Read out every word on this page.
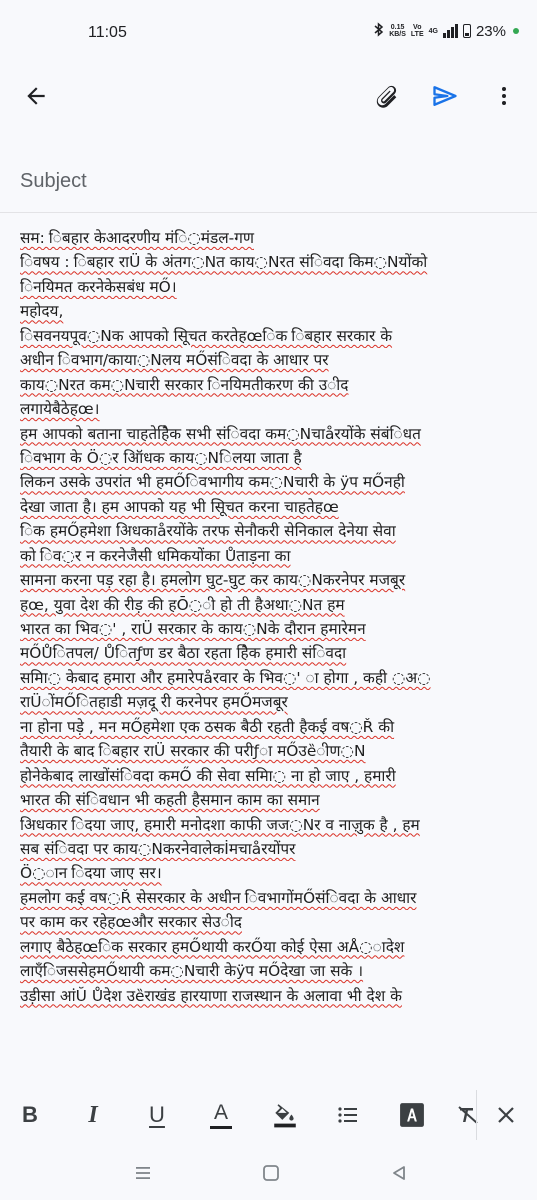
11:05	0.15
KB/S
Vo
LTE 4G	23%
Subject
सम: िबहार केआदरणीय मंि◌मंडल-गण
िवषय : िबहार राÜ के अंतग◌Nत काय◌Nरत संिवदा किम◌Nयोंको
िनयिमत करनेकेसबंध मŐ।
महोदय,
िसवनयपूव◌Nक आपको सूिचत करतेहœिक िबहार सरकार के
अधीन िवभाग/काया◌Nलय मŐसंिवदा के आधार पर
काय◌Nरत कम◌Nचारी सरकार िनयिमतीकरण की उ◌ीद
लगायेबैठेहœ।
हम आपको बताना चाहतेहैिक सभी संिवदा कम◌Nचाåरयोंके संबंिधत
िवभाग के Ö◌र ऑिधक काय◌Nिलया जाता है
लिकन उसके उपरांत भी हमŐिवभागीय कम◌Nचारी के ÿप मŐनही
देखा जाता है। हम आपको यह भी सूिचत करना चाहतेहœ
िक हमŐहमेशा अिधकाåरयोंके तरफ सेनौकरी सेनिकाल देनेया सेवा
को िव◌र न करनेजैसी धमिकयोंका Ůताड़ना का
सामना करना पड़ रहा है। हमलोग घुट-घुट कर काय◌Nकरनेपर मजबूर
हœ, युवा देश की रीड़ की हŌ◌ी हाे ती हैअथा◌Nत हम
भारत का भिव◌' , राÜ सरकार के काय◌Nके दौरान हमारेमन
मŐŮितपल/ Ůितƒण डर बैठा रहता हैिक हमारी संिवदा
समाि◌ केबाद हमारा और हमारेपåरवार के भिव◌' ◌ा होगा , कही ◌अ◌
राÜोंमŐितहाडी मज़दू री करनेपर हमŐमजबूर
ना होना पड़े , मन मŐहमेशा एक ठसक बैठी रहती हैकई वष◌Ř की
तैयारी के बाद िबहार राÜ सरकार की परीƒा मŐउȅीण◌N
होनेकेबाद लाखोंसंिवदा कमŐ की सेवा समाि◌ ना हो जाए , हमारी
भारत की संिवधान भी कहती हैसमान काम का समान
अिधकार िदया जाए, हमारी मनोदशा काफी जज◌Nर व नाज़ुक है , हम
सब संिवदा पर काय◌Nकरनेवालेकİमचाåरयोंपर
Ö◌ान िदया जाए सर।
हमलोग कई वष◌Ř सेसरकार के अधीन िवभागोंमŐसंिवदा के आधार
पर काम कर रहेहœऔर सरकार सेउ◌ीद
लगाए बैठेहœिक सरकार हमŐथायी करŐया कोई ऐसा अÅ◌ादेश
लाएँिजससेहमŐथायी कम◌Nचारी केÿप मŐदेखा जा सके ।
उड़ीसा आंŬ Ůदेश उȅराखंड हारयाणा राजस्थान के अलावा भी देश के
B	I	U	A
